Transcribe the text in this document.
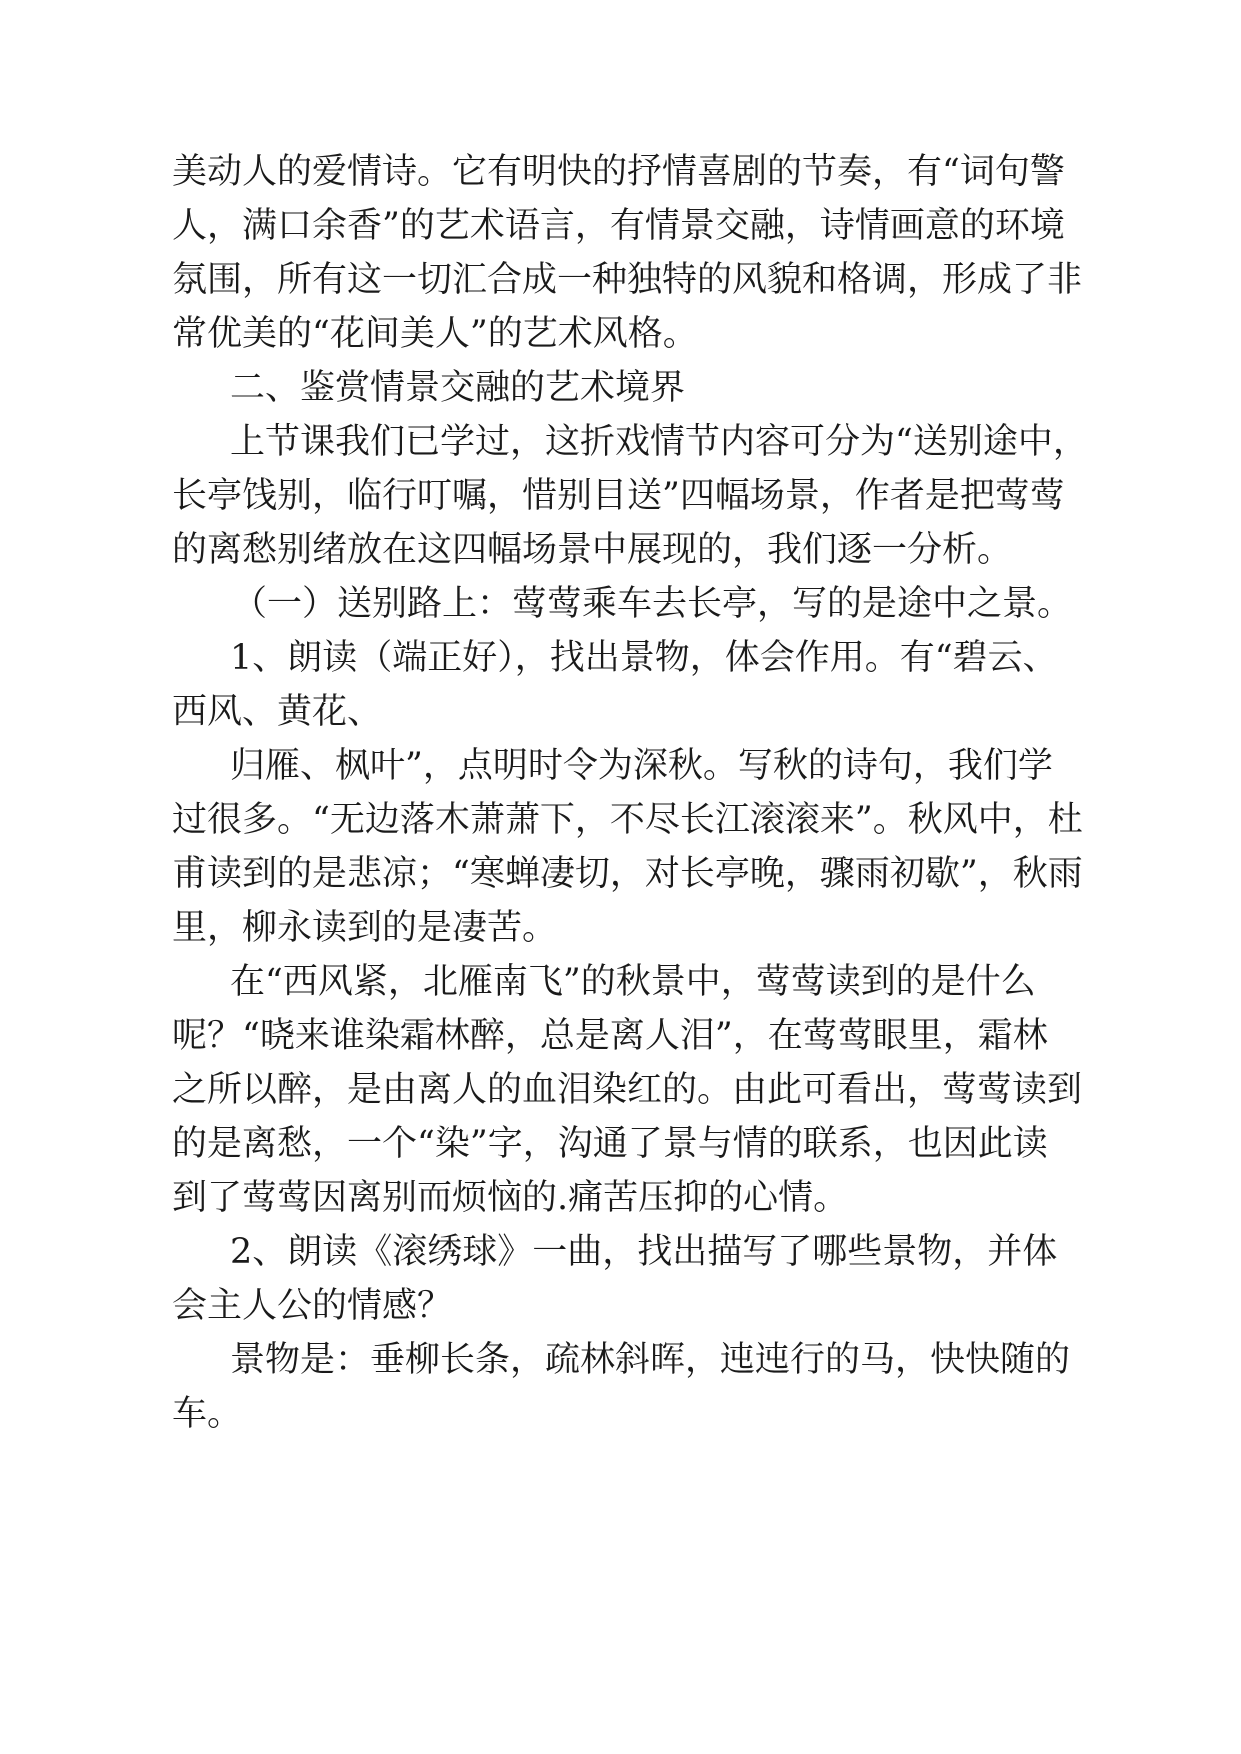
美动人的爱情诗。它有明快的抒情喜剧的节奏，有“词句警
人，满口余香”的艺术语言，有情景交融，诗情画意的环境
氛围，所有这一切汇合成一种独特的风貌和格调，形成了非
常优美的“花间美人”的艺术风格。
二、鉴赏情景交融的艺术境界
上节课我们已学过，这折戏情节内容可分为“送别途中，
长亭饯别，临行叮嘱，惜别目送”四幅场景，作者是把莺莺
的离愁别绪放在这四幅场景中展现的，我们逐一分析。
（一）送别路上：莺莺乘车去长亭，写的是途中之景。
1、朗读（端正好），找出景物，体会作用。有“碧云、
西风、黄花、
归雁、枫叶”，点明时令为深秋。写秋的诗句，我们学
过很多。“无边落木萧萧下，不尽长江滚滚来”。秋风中，杜
甫读到的是悲凉；“寒蝉凄切，对长亭晚，骤雨初歇”，秋雨
里，柳永读到的是凄苦。
在“西风紧，北雁南飞”的秋景中，莺莺读到的是什么
呢？“晓来谁染霜林醉，总是离人泪”，在莺莺眼里，霜林
之所以醉，是由离人的血泪染红的。由此可看出，莺莺读到
的是离愁，一个“染”字，沟通了景与情的联系，也因此读
到了莺莺因离别而烦恼的.痛苦压抑的心情。
2、朗读《滚绣球》一曲，找出描写了哪些景物，并体
会主人公的情感？
景物是：垂柳长条，疏林斜晖，迍迍行的马，快快随的
车。
